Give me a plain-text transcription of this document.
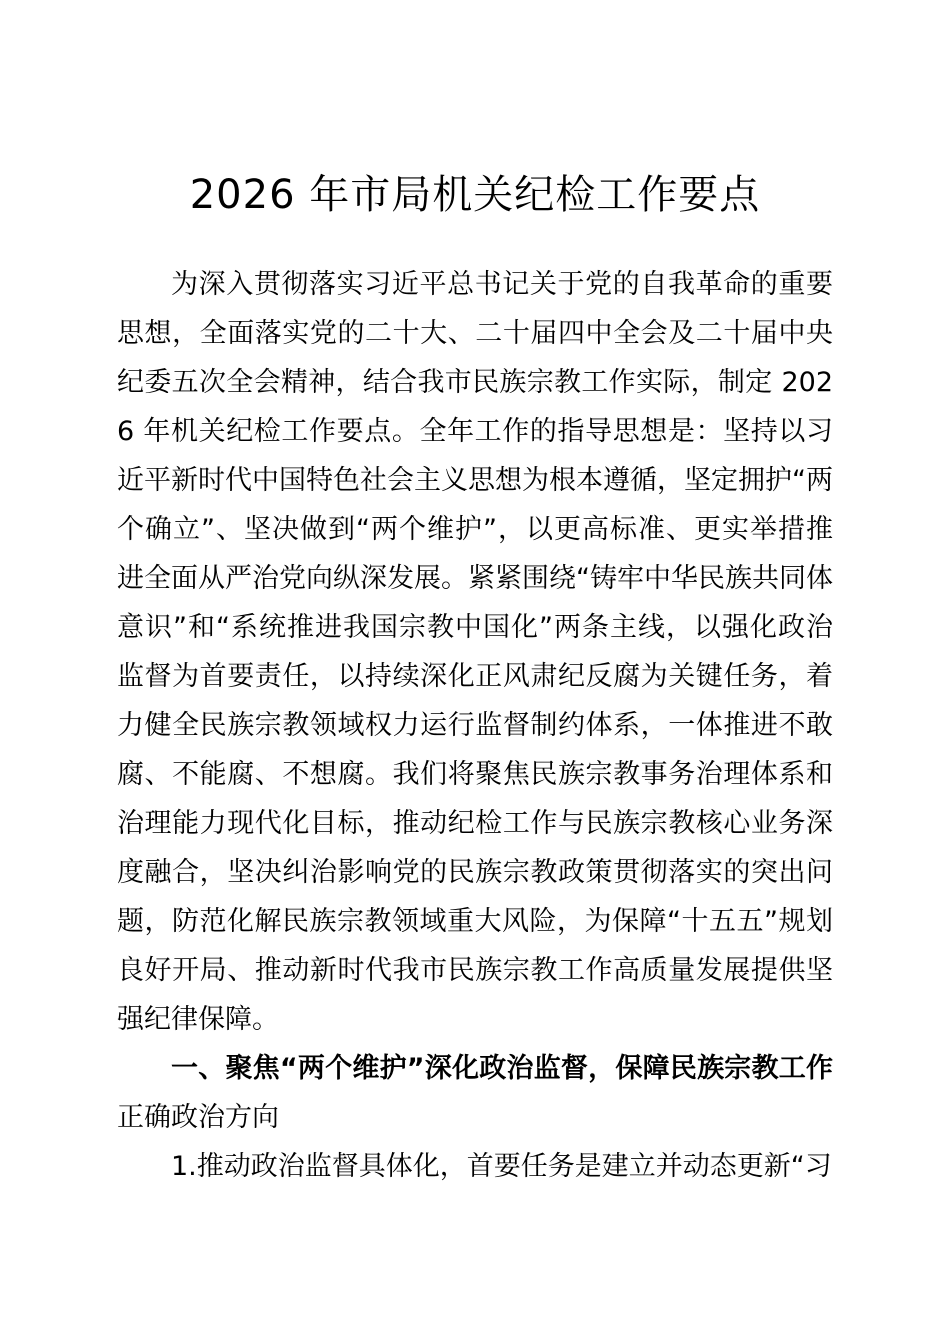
2026 年市局机关纪检工作要点

为深入贯彻落实习近平总书记关于党的自我革命的重要思想，全面落实党的二十大、二十届四中全会及二十届中央纪委五次全会精神，结合我市民族宗教工作实际，制定 2026 年机关纪检工作要点。全年工作的指导思想是：坚持以习近平新时代中国特色社会主义思想为根本遵循，坚定拥护“两个确立”、坚决做到“两个维护”，以更高标准、更实举措推进全面从严治党向纵深发展。紧紧围绕“铸牢中华民族共同体意识”和“系统推进我国宗教中国化”两条主线，以强化政治监督为首要责任，以持续深化正风肃纪反腐为关键任务，着力健全民族宗教领域权力运行监督制约体系，一体推进不敢腐、不能腐、不想腐。我们将聚焦民族宗教事务治理体系和治理能力现代化目标，推动纪检工作与民族宗教核心业务深度融合，坚决纠治影响党的民族宗教政策贯彻落实的突出问题，防范化解民族宗教领域重大风险，为保障“十五五”规划良好开局、推动新时代我市民族宗教工作高质量发展提供坚强纪律保障。

一、聚焦“两个维护”深化政治监督，保障民族宗教工作正确政治方向

1.推动政治监督具体化，首要任务是建立并动态更新“习
